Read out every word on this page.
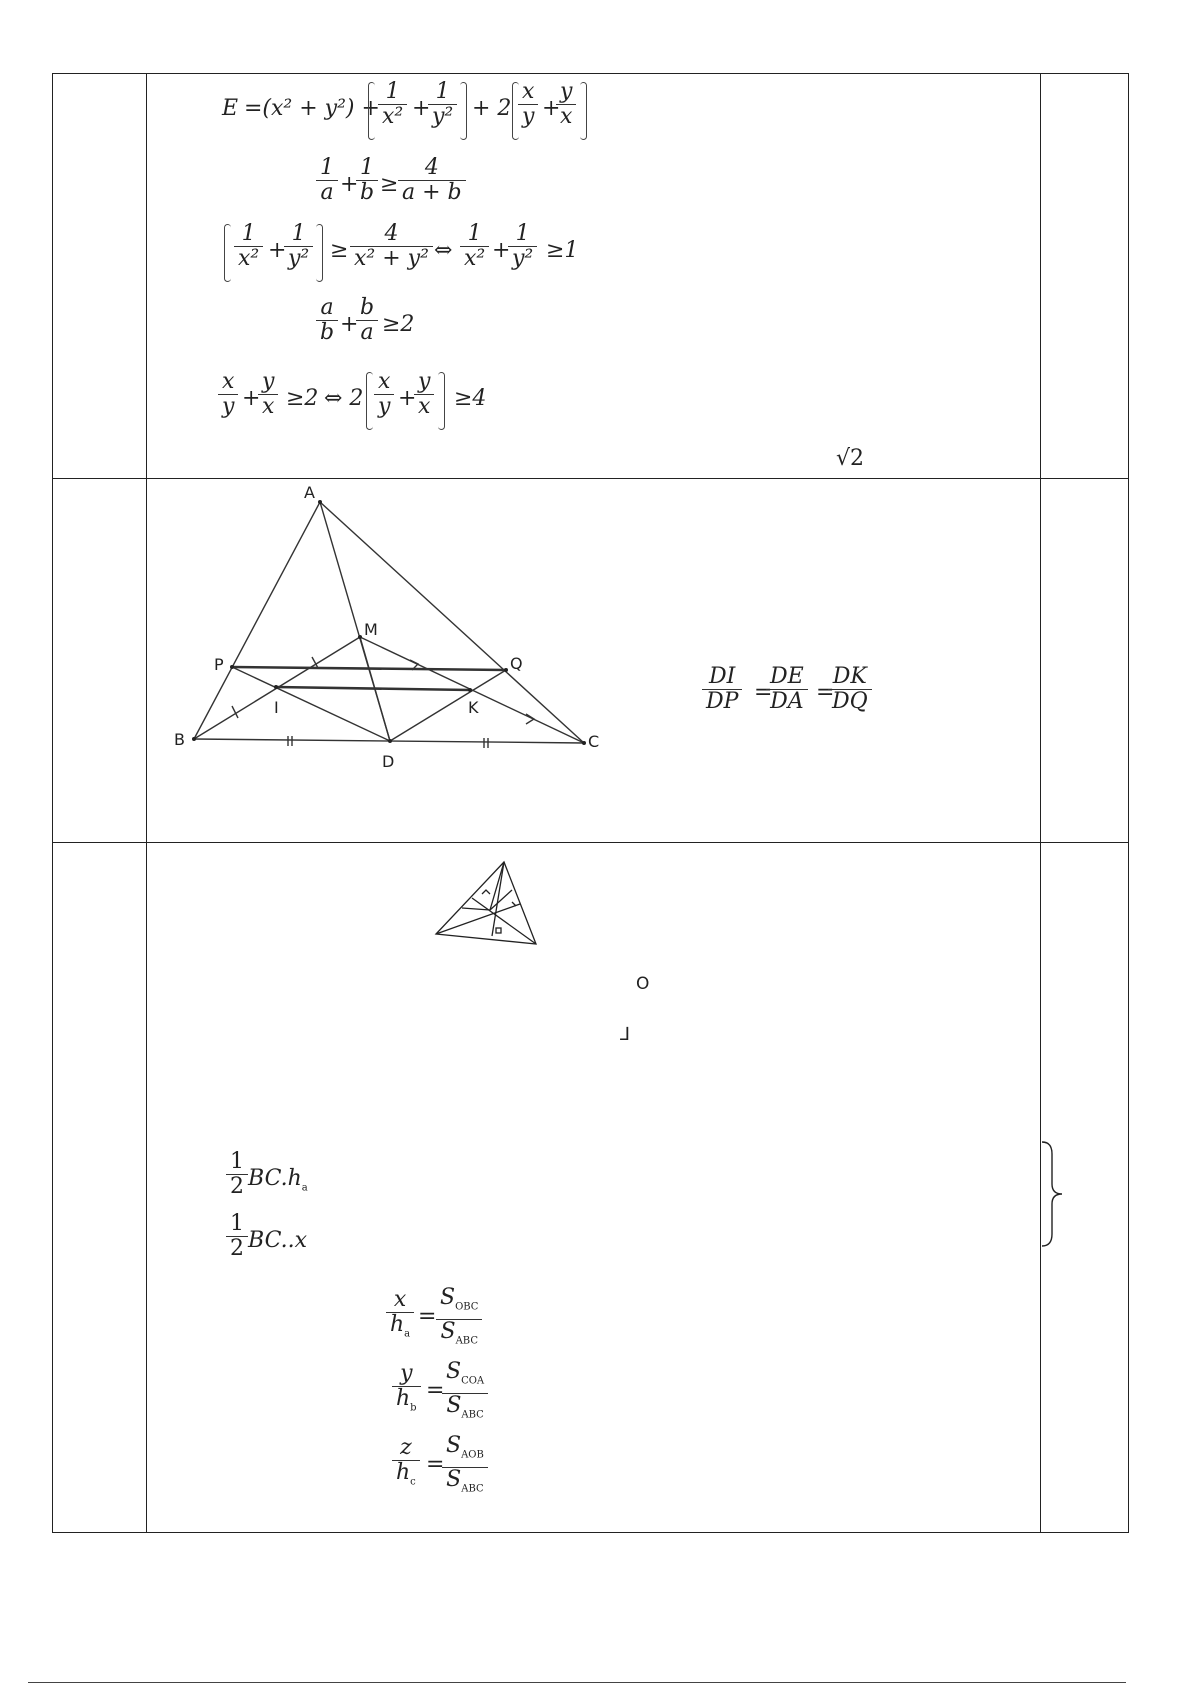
E =(x² + y²) +
1
x² +
1
y² + 2
x
y +
y
x
1
a +
1
b ≥
4
a + b
1
x² +
1
y² ≥
4
x² + y² ⇔
1
x² +
1
y² ≥1
a
b +
b
a ≥2
x
y +
y
x ≥2 ⇔ 2
x
y +
y
x ≥4
√2
A
M
P	Q
I	K
B
D
C
DI
DP =
DE
DA =
DK
DQ
O
⅃
1
2 $BC.h_a$
1
2 BC..x
x
$h_a$
=
$S_{OBC}$
$S_{ABC}$
y
$h_b$
=
$S_{COA}$
$S_{ABC}$
z
$h_c$
=
$S_{AOB}$
$S_{ABC}$
